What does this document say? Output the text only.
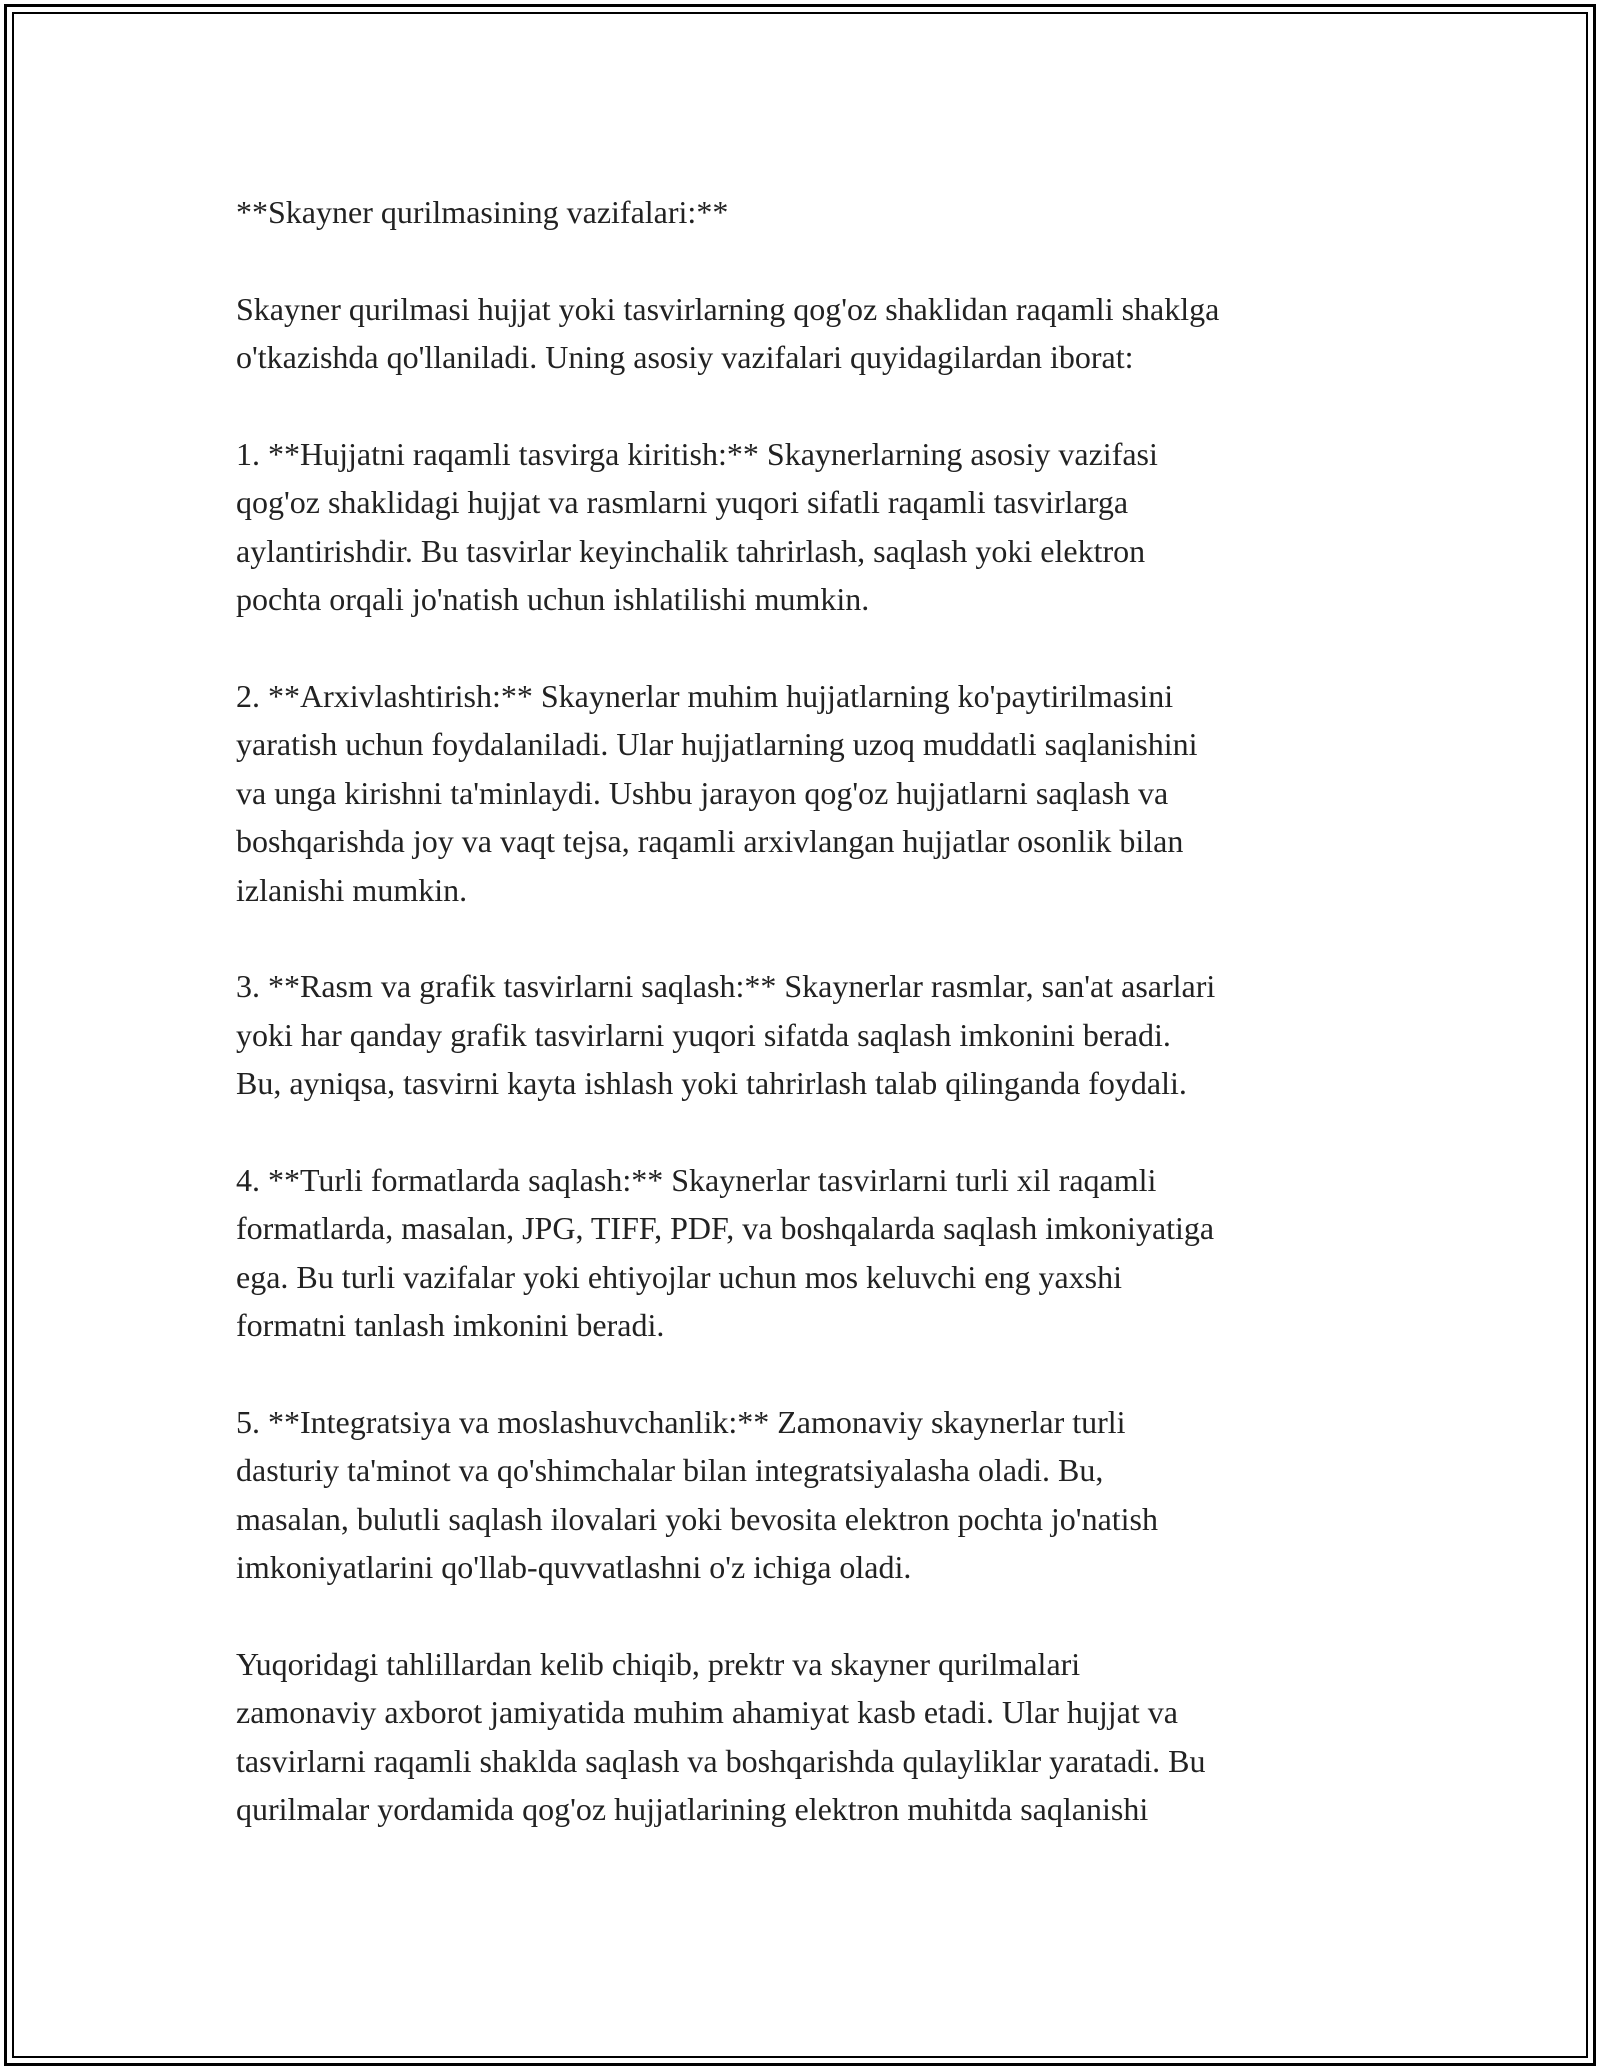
**Skayner qurilmasining vazifalari:**

Skayner qurilmasi hujjat yoki tasvirlarning qog'oz shaklidan raqamli shaklga
o'tkazishda qo'llaniladi. Uning asosiy vazifalari quyidagilardan iborat:

1. **Hujjatni raqamli tasvirga kiritish:** Skaynerlarning asosiy vazifasi
qog'oz shaklidagi hujjat va rasmlarni yuqori sifatli raqamli tasvirlarga
aylantirishdir. Bu tasvirlar keyinchalik tahrirlash, saqlash yoki elektron
pochta orqali jo'natish uchun ishlatilishi mumkin.

2. **Arxivlashtirish:** Skaynerlar muhim hujjatlarning ko'paytirilmasini
yaratish uchun foydalaniladi. Ular hujjatlarning uzoq muddatli saqlanishini
va unga kirishni ta'minlaydi. Ushbu jarayon qog'oz hujjatlarni saqlash va
boshqarishda joy va vaqt tejsa, raqamli arxivlangan hujjatlar osonlik bilan
izlanishi mumkin.

3. **Rasm va grafik tasvirlarni saqlash:** Skaynerlar rasmlar, san'at asarlari
yoki har qanday grafik tasvirlarni yuqori sifatda saqlash imkonini beradi.
Bu, ayniqsa, tasvirni kayta ishlash yoki tahrirlash talab qilinganda foydali.

4. **Turli formatlarda saqlash:** Skaynerlar tasvirlarni turli xil raqamli
formatlarda, masalan, JPG, TIFF, PDF, va boshqalarda saqlash imkoniyatiga
ega. Bu turli vazifalar yoki ehtiyojlar uchun mos keluvchi eng yaxshi
formatni tanlash imkonini beradi.

5. **Integratsiya va moslashuvchanlik:** Zamonaviy skaynerlar turli
dasturiy ta'minot va qo'shimchalar bilan integratsiyalasha oladi. Bu,
masalan, bulutli saqlash ilovalari yoki bevosita elektron pochta jo'natish
imkoniyatlarini qo'llab-quvvatlashni o'z ichiga oladi.

Yuqoridagi tahlillardan kelib chiqib, prektr va skayner qurilmalari
zamonaviy axborot jamiyatida muhim ahamiyat kasb etadi. Ular hujjat va
tasvirlarni raqamli shaklda saqlash va boshqarishda qulayliklar yaratadi. Bu
qurilmalar yordamida qog'oz hujjatlarining elektron muhitda saqlanishi
